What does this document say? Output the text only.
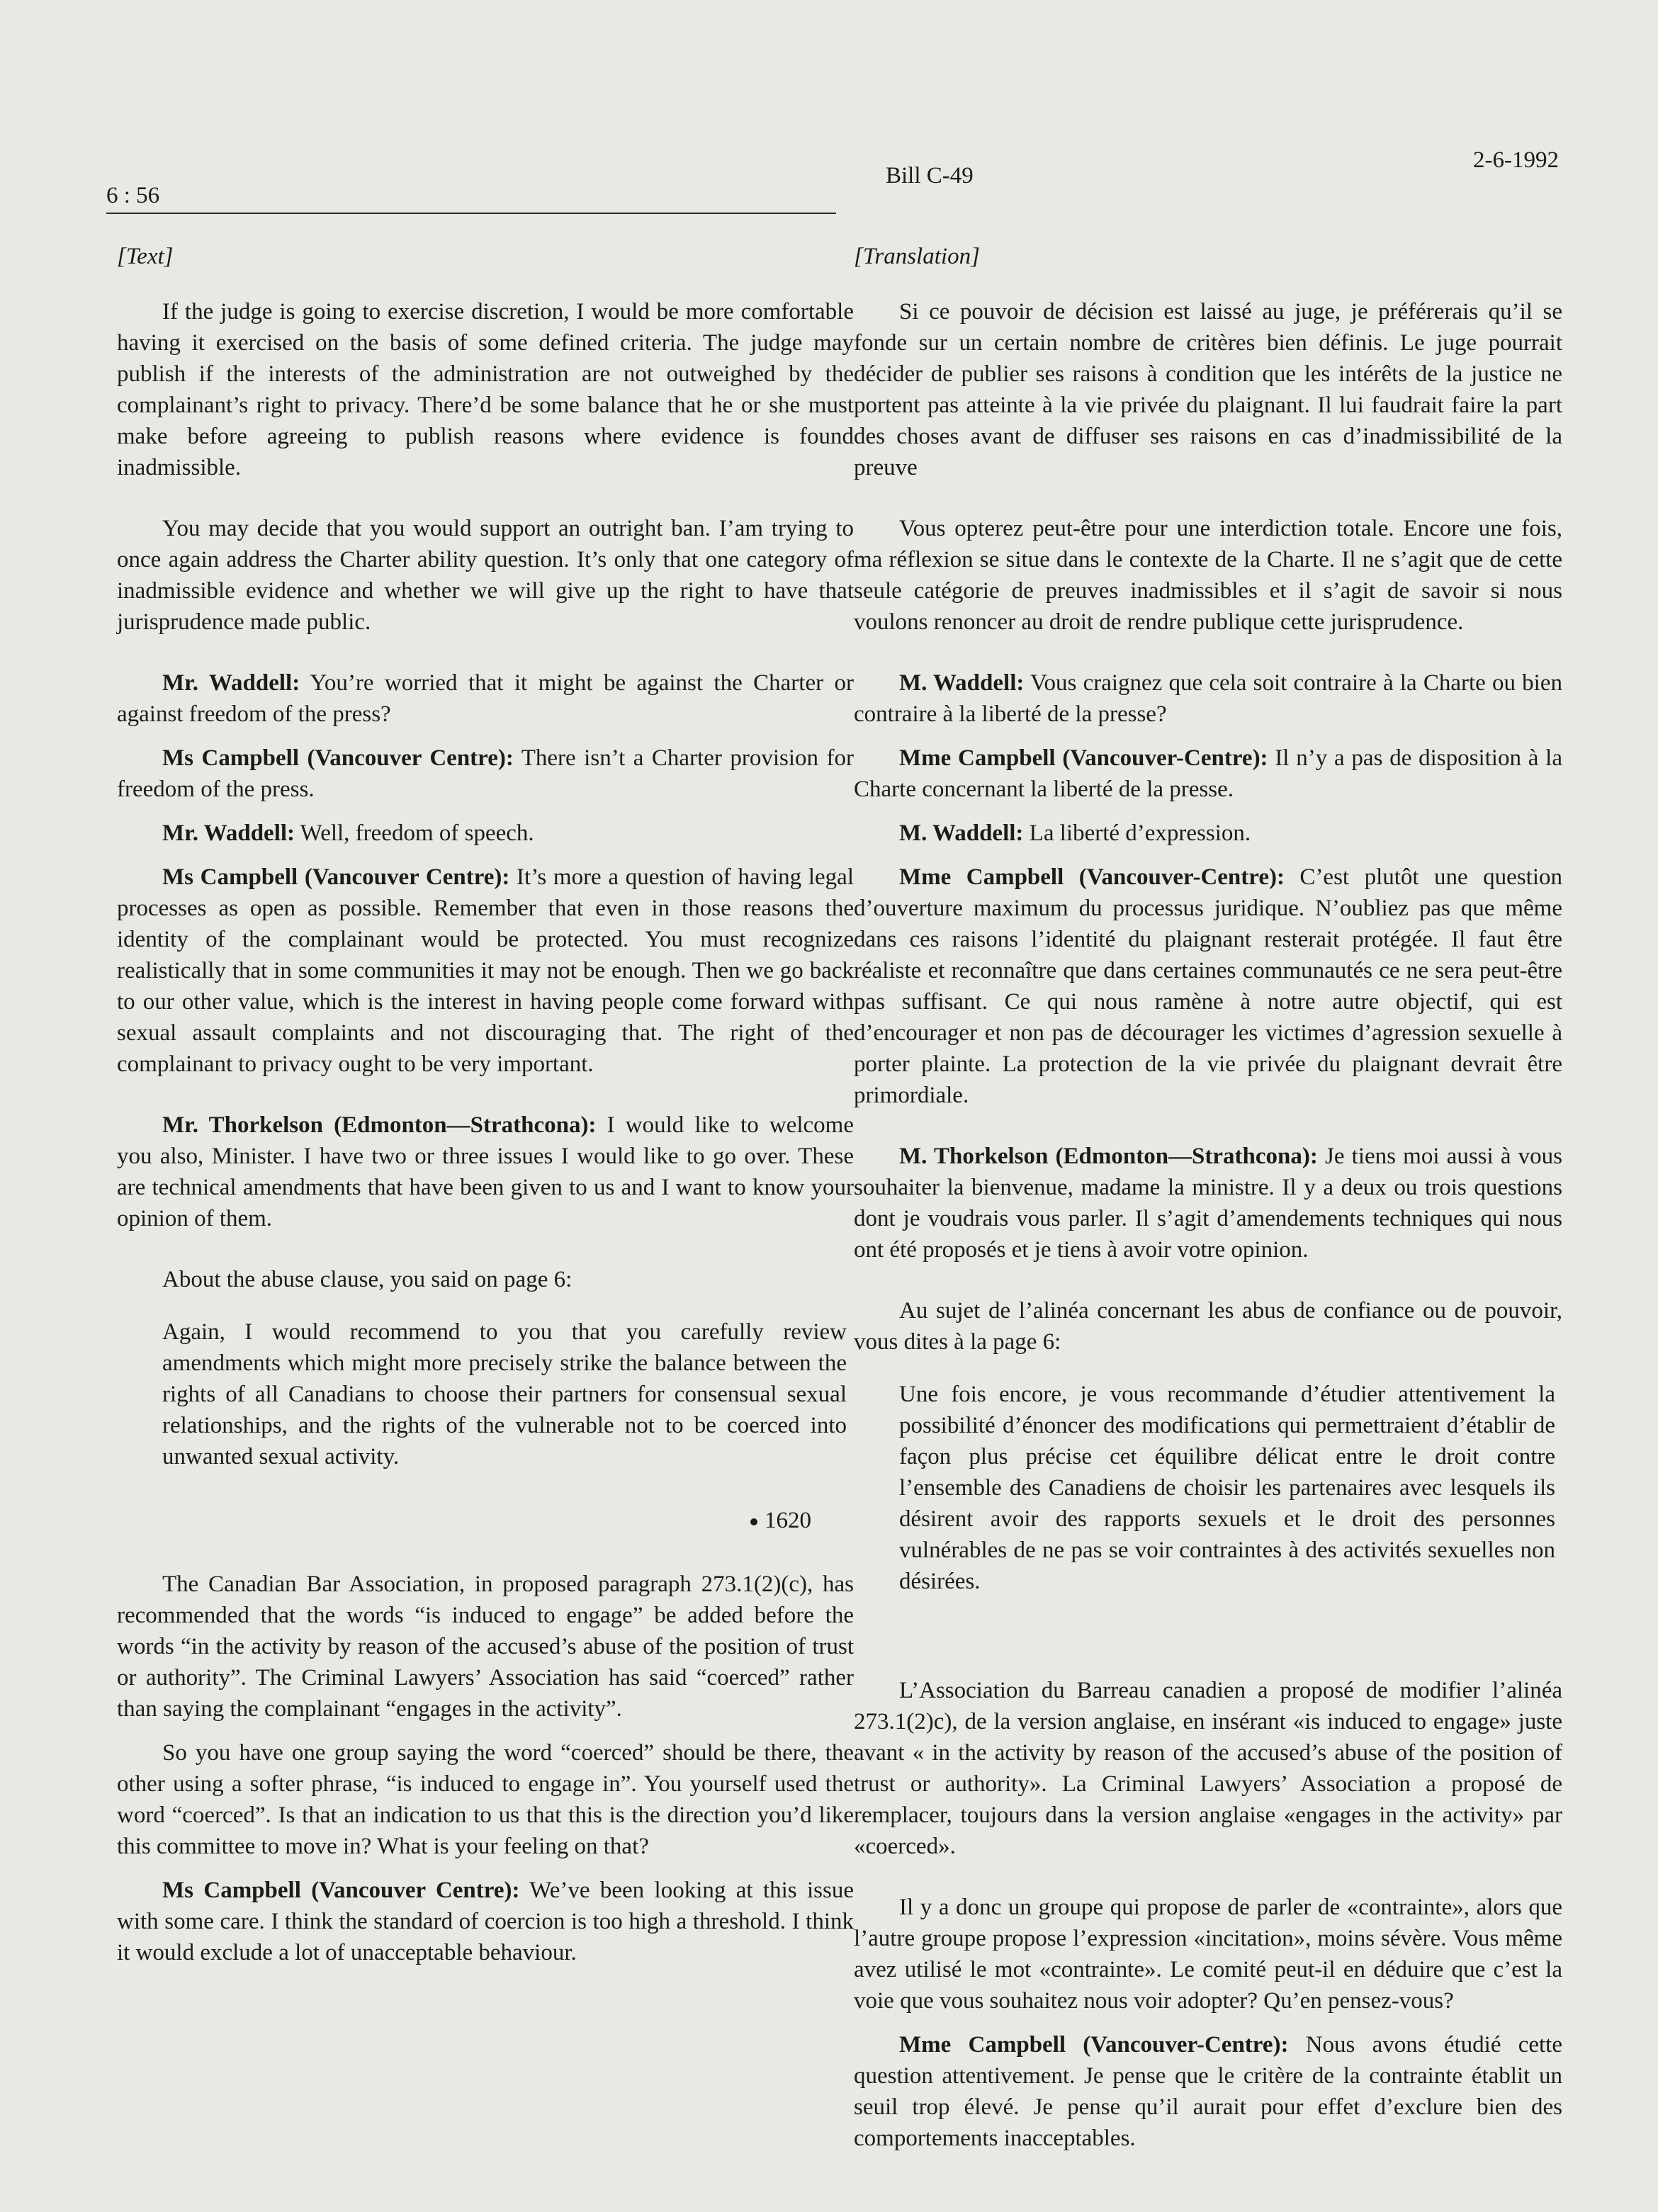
6 : 56
Bill C-49
2-6-1992

[Text]

If the judge is going to exercise discretion, I would be more comfortable having it exercised on the basis of some defined criteria. The judge may publish if the interests of the administration are not outweighed by the complainant’s right to privacy. There’d be some balance that he or she must make before agreeing to publish reasons where evidence is found inadmissible.

You may decide that you would support an outright ban. I’am trying to once again address the Charter ability question. It’s only that one category of inadmissible evidence and whether we will give up the right to have that jurisprudence made public.

Mr. Waddell: You’re worried that it might be against the Charter or against freedom of the press?

Ms Campbell (Vancouver Centre): There isn’t a Charter provision for freedom of the press.

Mr. Waddell: Well, freedom of speech.

Ms Campbell (Vancouver Centre): It’s more a question of having legal processes as open as possible. Remember that even in those reasons the identity of the complainant would be protected. You must recognize realistically that in some communities it may not be enough. Then we go back to our other value, which is the interest in having people come forward with sexual assault complaints and not discouraging that. The right of the complainant to privacy ought to be very important.

Mr. Thorkelson (Edmonton—Strathcona): I would like to welcome you also, Minister. I have two or three issues I would like to go over. These are technical amendments that have been given to us and I want to know your opinion of them.

About the abuse clause, you said on page 6:

Again, I would recommend to you that you carefully review amendments which might more precisely strike the balance between the rights of all Canadians to choose their partners for consensual sexual relationships, and the rights of the vulnerable not to be coerced into unwanted sexual activity.

1620

The Canadian Bar Association, in proposed paragraph 273.1(2)(c), has recommended that the words “is induced to engage” be added before the words “in the activity by reason of the accused’s abuse of the position of trust or authority”. The Criminal Lawyers’ Association has said “coerced” rather than saying the complainant “engages in the activity”.

So you have one group saying the word “coerced” should be there, the other using a softer phrase, “is induced to engage in”. You yourself used the word “coerced”. Is that an indication to us that this is the direction you’d like this committee to move in? What is your feeling on that?

Ms Campbell (Vancouver Centre): We’ve been looking at this issue with some care. I think the standard of coercion is too high a threshold. I think it would exclude a lot of unacceptable behaviour.

[Translation]

Si ce pouvoir de décision est laissé au juge, je préférerais qu’il se fonde sur un certain nombre de critères bien définis. Le juge pourrait décider de publier ses raisons à condition que les intérêts de la justice ne portent pas atteinte à la vie privée du plaignant. Il lui faudrait faire la part des choses avant de diffuser ses raisons en cas d’inadmissibilité de la preuve

Vous opterez peut-être pour une interdiction totale. Encore une fois, ma réflexion se situe dans le contexte de la Charte. Il ne s’agit que de cette seule catégorie de preuves inadmissibles et il s’agit de savoir si nous voulons renoncer au droit de rendre publique cette jurisprudence.

M. Waddell: Vous craignez que cela soit contraire à la Charte ou bien contraire à la liberté de la presse?

Mme Campbell (Vancouver-Centre): Il n’y a pas de disposition à la Charte concernant la liberté de la presse.

M. Waddell: La liberté d’expression.

Mme Campbell (Vancouver-Centre): C’est plutôt une question d’ouverture maximum du processus juridique. N’oubliez pas que même dans ces raisons l’identité du plaignant resterait protégée. Il faut être réaliste et reconnaître que dans certaines communautés ce ne sera peut-être pas suffisant. Ce qui nous ramène à notre autre objectif, qui est d’encourager et non pas de décourager les victimes d’agression sexuelle à porter plainte. La protection de la vie privée du plaignant devrait être primordiale.

M. Thorkelson (Edmonton—Strathcona): Je tiens moi aussi à vous souhaiter la bienvenue, madame la ministre. Il y a deux ou trois questions dont je voudrais vous parler. Il s’agit d’amendements techniques qui nous ont été proposés et je tiens à avoir votre opinion.

Au sujet de l’alinéa concernant les abus de confiance ou de pouvoir, vous dites à la page 6:

Une fois encore, je vous recommande d’étudier attentivement la possibilité d’énoncer des modifications qui permettraient d’établir de façon plus précise cet équilibre délicat entre le droit contre l’ensemble des Canadiens de choisir les partenaires avec lesquels ils désirent avoir des rapports sexuels et le droit des personnes vulnérables de ne pas se voir contraintes à des activités sexuelles non désirées.

L’Association du Barreau canadien a proposé de modifier l’alinéa 273.1(2)c), de la version anglaise, en insérant «is induced to engage» juste avant « in the activity by reason of the accused’s abuse of the position of trust or authority». La Criminal Lawyers’ Association a proposé de remplacer, toujours dans la version anglaise «engages in the activity» par «coerced».

Il y a donc un groupe qui propose de parler de «contrainte», alors que l’autre groupe propose l’expression «incitation», moins sévère. Vous même avez utilisé le mot «contrainte». Le comité peut-il en déduire que c’est la voie que vous souhaitez nous voir adopter? Qu’en pensez-vous?

Mme Campbell (Vancouver-Centre): Nous avons étudié cette question attentivement. Je pense que le critère de la contrainte établit un seuil trop élevé. Je pense qu’il aurait pour effet d’exclure bien des comportements inacceptables.
